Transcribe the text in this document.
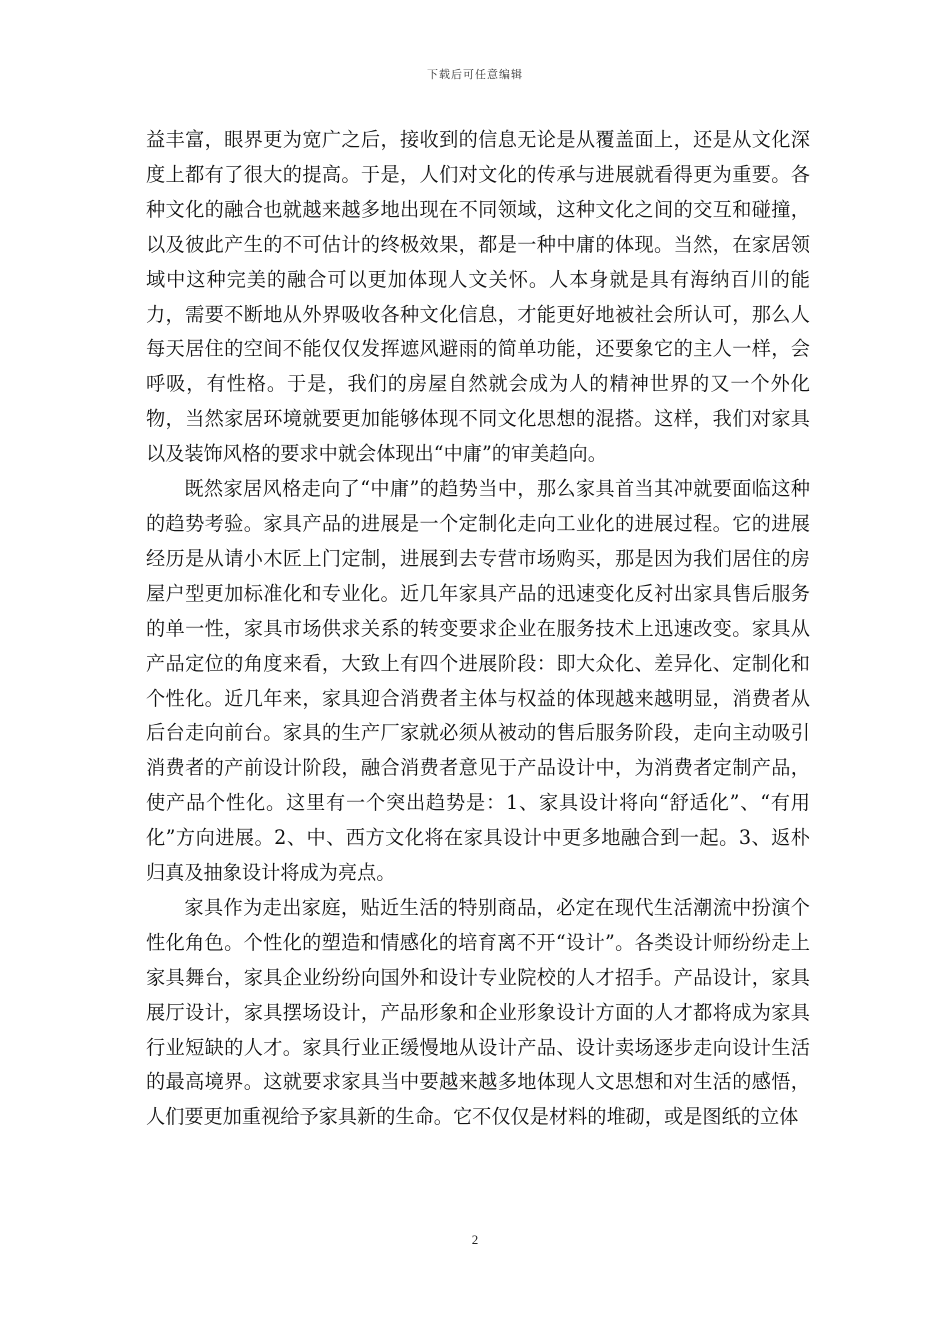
下载后可任意编辑

益丰富，眼界更为宽广之后，接收到的信息无论是从覆盖面上，还是从文化深度上都有了很大的提高。于是，人们对文化的传承与进展就看得更为重要。各种文化的融合也就越来越多地出现在不同领域，这种文化之间的交互和碰撞，以及彼此产生的不可估计的终极效果，都是一种中庸的体现。当然，在家居领域中这种完美的融合可以更加体现人文关怀。人本身就是具有海纳百川的能力，需要不断地从外界吸收各种文化信息，才能更好地被社会所认可，那么人每天居住的空间不能仅仅发挥遮风避雨的简单功能，还要象它的主人一样，会呼吸，有性格。于是，我们的房屋自然就会成为人的精神世界的又一个外化物，当然家居环境就要更加能够体现不同文化思想的混搭。这样，我们对家具以及装饰风格的要求中就会体现出“中庸”的审美趋向。

既然家居风格走向了“中庸”的趋势当中，那么家具首当其冲就要面临这种的趋势考验。家具产品的进展是一个定制化走向工业化的进展过程。它的进展经历是从请小木匠上门定制，进展到去专营市场购买，那是因为我们居住的房屋户型更加标准化和专业化。近几年家具产品的迅速变化反衬出家具售后服务的单一性，家具市场供求关系的转变要求企业在服务技术上迅速改变。家具从产品定位的角度来看，大致上有四个进展阶段：即大众化、差异化、定制化和个性化。近几年来，家具迎合消费者主体与权益的体现越来越明显，消费者从后台走向前台。家具的生产厂家就必须从被动的售后服务阶段，走向主动吸引消费者的产前设计阶段，融合消费者意见于产品设计中，为消费者定制产品，使产品个性化。这里有一个突出趋势是：1、家具设计将向“舒适化”、“有用化”方向进展。2、中、西方文化将在家具设计中更多地融合到一起。3、返朴归真及抽象设计将成为亮点。

家具作为走出家庭，贴近生活的特别商品，必定在现代生活潮流中扮演个性化角色。个性化的塑造和情感化的培育离不开“设计”。各类设计师纷纷走上家具舞台，家具企业纷纷向国外和设计专业院校的人才招手。产品设计，家具展厅设计，家具摆场设计，产品形象和企业形象设计方面的人才都将成为家具行业短缺的人才。家具行业正缓慢地从设计产品、设计卖场逐步走向设计生活的最高境界。这就要求家具当中要越来越多地体现人文思想和对生活的感悟，人们要更加重视给予家具新的生命。它不仅仅是材料的堆砌，或是图纸的立体

2
